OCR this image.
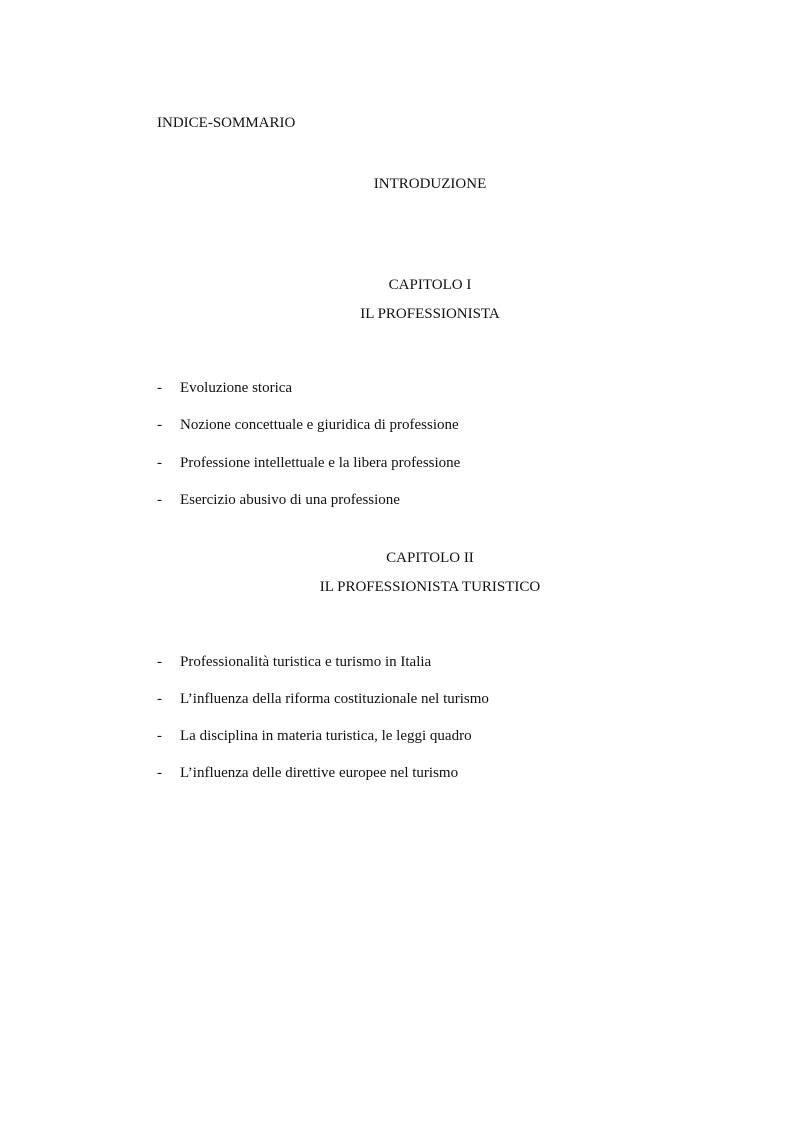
INDICE-SOMMARIO
INTRODUZIONE
CAPITOLO I
IL PROFESSIONISTA
- Evoluzione storica
- Nozione concettuale e giuridica di professione
- Professione intellettuale e la libera professione
- Esercizio abusivo di una professione
CAPITOLO II
IL PROFESSIONISTA TURISTICO
- Professionalità turistica e turismo in Italia
- L’influenza della riforma costituzionale nel turismo
- La disciplina in materia turistica, le leggi quadro
- L’influenza delle direttive europee nel turismo
